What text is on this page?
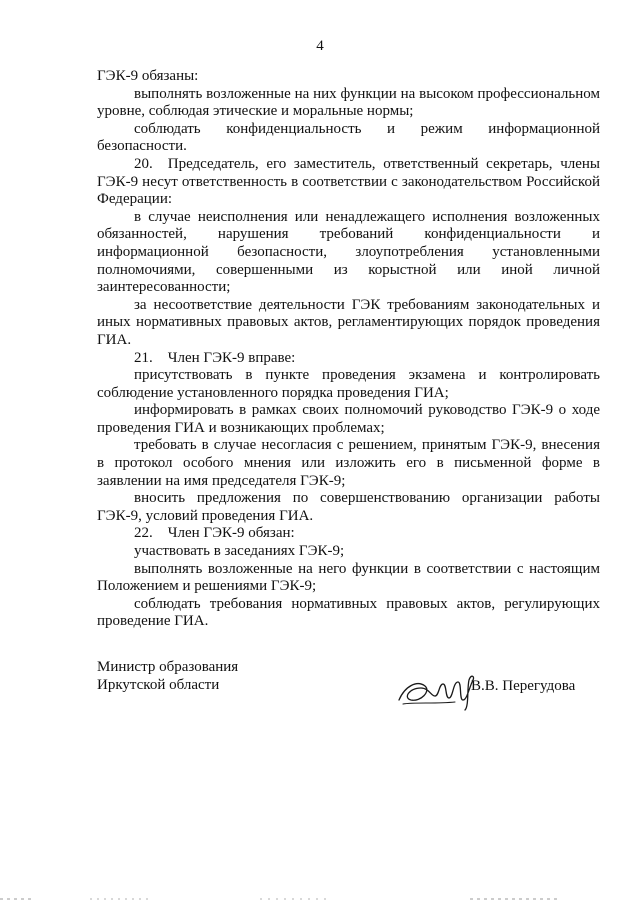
4

ГЭК-9 обязаны:

выполнять возложенные на них функции на высоком профессиональном уровне, соблюдая этические и моральные нормы;

соблюдать конфиденциальность и режим информационной безопасности.

20. Председатель, его заместитель, ответственный секретарь, члены ГЭК-9 несут ответственность в соответствии с законодательством Российской Федерации:

в случае неисполнения или ненадлежащего исполнения возложенных обязанностей, нарушения требований конфиденциальности и информационной безопасности, злоупотребления установленными полномочиями, совершенными из корыстной или иной личной заинтересованности;

за несоответствие деятельности ГЭК требованиям законодательных и иных нормативных правовых актов, регламентирующих порядок проведения ГИА.

21. Член ГЭК-9 вправе:

присутствовать в пункте проведения экзамена и контролировать соблюдение установленного порядка проведения ГИА;

информировать в рамках своих полномочий руководство ГЭК-9 о ходе проведения ГИА и возникающих проблемах;

требовать в случае несогласия с решением, принятым ГЭК-9, внесения в протокол особого мнения или изложить его в письменной форме в заявлении на имя председателя ГЭК-9;

вносить предложения по совершенствованию организации работы ГЭК-9, условий проведения ГИА.

22. Член ГЭК-9 обязан:

участвовать в заседаниях ГЭК-9;

выполнять возложенные на него функции в соответствии с настоящим Положением и решениями ГЭК-9;

соблюдать требования нормативных правовых актов, регулирующих проведение ГИА.

Министр образования
Иркутской области	В.В. Перегудова
